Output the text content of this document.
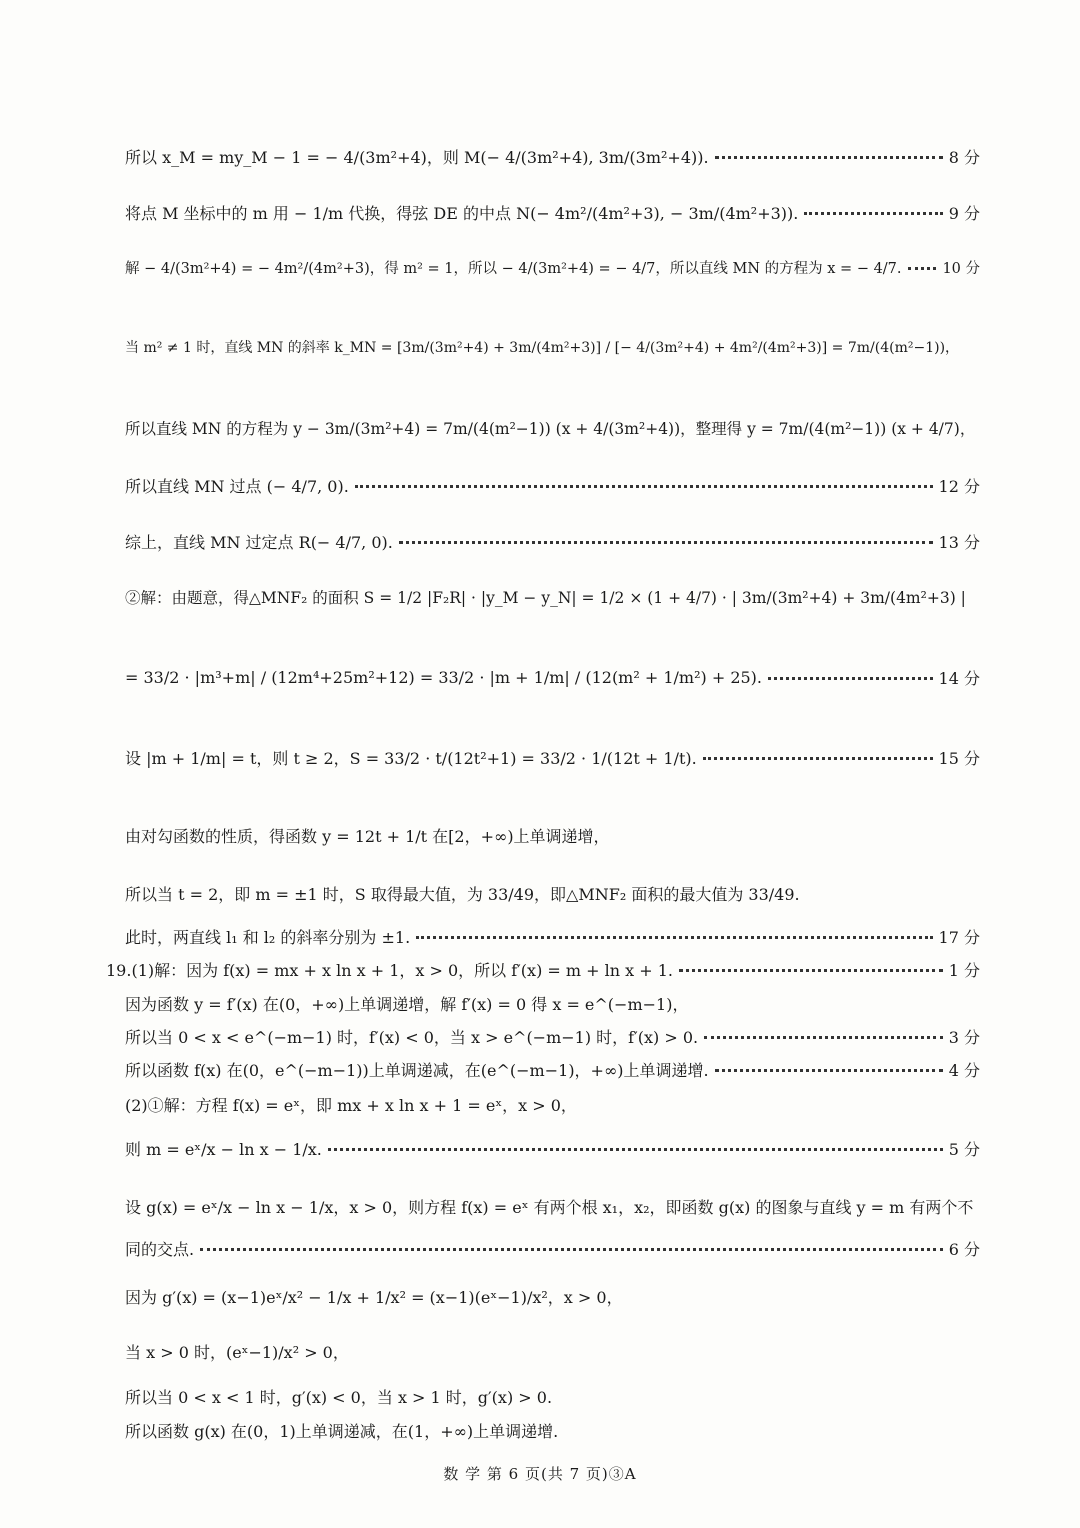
所以 x_M = my_M − 1 = − 4/(3m²+4)，则 M(− 4/(3m²+4), 3m/(3m²+4)).	8 分
将点 M 坐标中的 m 用 − 1/m 代换，得弦 DE 的中点 N(− 4m²/(4m²+3), − 3m/(4m²+3)).	9 分
解 − 4/(3m²+4) = − 4m²/(4m²+3)，得 m² = 1，所以 − 4/(3m²+4) = − 4/7，所以直线 MN 的方程为 x = − 4/7.	10 分
当 m² ≠ 1 时，直线 MN 的斜率 k_MN = [3m/(3m²+4) + 3m/(4m²+3)] / [− 4/(3m²+4) + 4m²/(4m²+3)] = 7m/(4(m²−1))，
所以直线 MN 的方程为 y − 3m/(3m²+4) = 7m/(4(m²−1)) (x + 4/(3m²+4))，整理得 y = 7m/(4(m²−1)) (x + 4/7)，
所以直线 MN 过点 (− 4/7, 0).	12 分
综上，直线 MN 过定点 R(− 4/7, 0).	13 分
②解：由题意，得△MNF₂ 的面积 S = 1/2 |F₂R| · |y_M − y_N| = 1/2 × (1 + 4/7) · | 3m/(3m²+4) + 3m/(4m²+3) |
= 33/2 · |m³+m| / (12m⁴+25m²+12) = 33/2 · |m + 1/m| / (12(m² + 1/m²) + 25).	14 分
设 |m + 1/m| = t，则 t ≥ 2，S = 33/2 · t/(12t²+1) = 33/2 · 1/(12t + 1/t).	15 分
由对勾函数的性质，得函数 y = 12t + 1/t 在[2，+∞)上单调递增，
所以当 t = 2，即 m = ±1 时，S 取得最大值，为 33/49，即△MNF₂ 面积的最大值为 33/49.
此时，两直线 l₁ 和 l₂ 的斜率分别为 ±1.	17 分
19.(1)解：因为 f(x) = mx + x ln x + 1，x > 0，所以 f′(x) = m + ln x + 1.	1 分
因为函数 y = f′(x) 在(0，+∞)上单调递增，解 f′(x) = 0 得 x = e^(−m−1)，
所以当 0 < x < e^(−m−1) 时，f′(x) < 0，当 x > e^(−m−1) 时，f′(x) > 0.	3 分
所以函数 f(x) 在(0，e^(−m−1))上单调递减，在(e^(−m−1)，+∞)上单调递增.	4 分
(2)①解：方程 f(x) = eˣ，即 mx + x ln x + 1 = eˣ，x > 0，
则 m = eˣ/x − ln x − 1/x.	5 分
设 g(x) = eˣ/x − ln x − 1/x，x > 0，则方程 f(x) = eˣ 有两个根 x₁，x₂，即函数 g(x) 的图象与直线 y = m 有两个不
同的交点.	6 分
因为 g′(x) = (x−1)eˣ/x² − 1/x + 1/x² = (x−1)(eˣ−1)/x²，x > 0，
当 x > 0 时，(eˣ−1)/x² > 0，
所以当 0 < x < 1 时，g′(x) < 0，当 x > 1 时，g′(x) > 0.
所以函数 g(x) 在(0，1)上单调递减，在(1，+∞)上单调递增.
数 学 第 6 页(共 7 页)③A
